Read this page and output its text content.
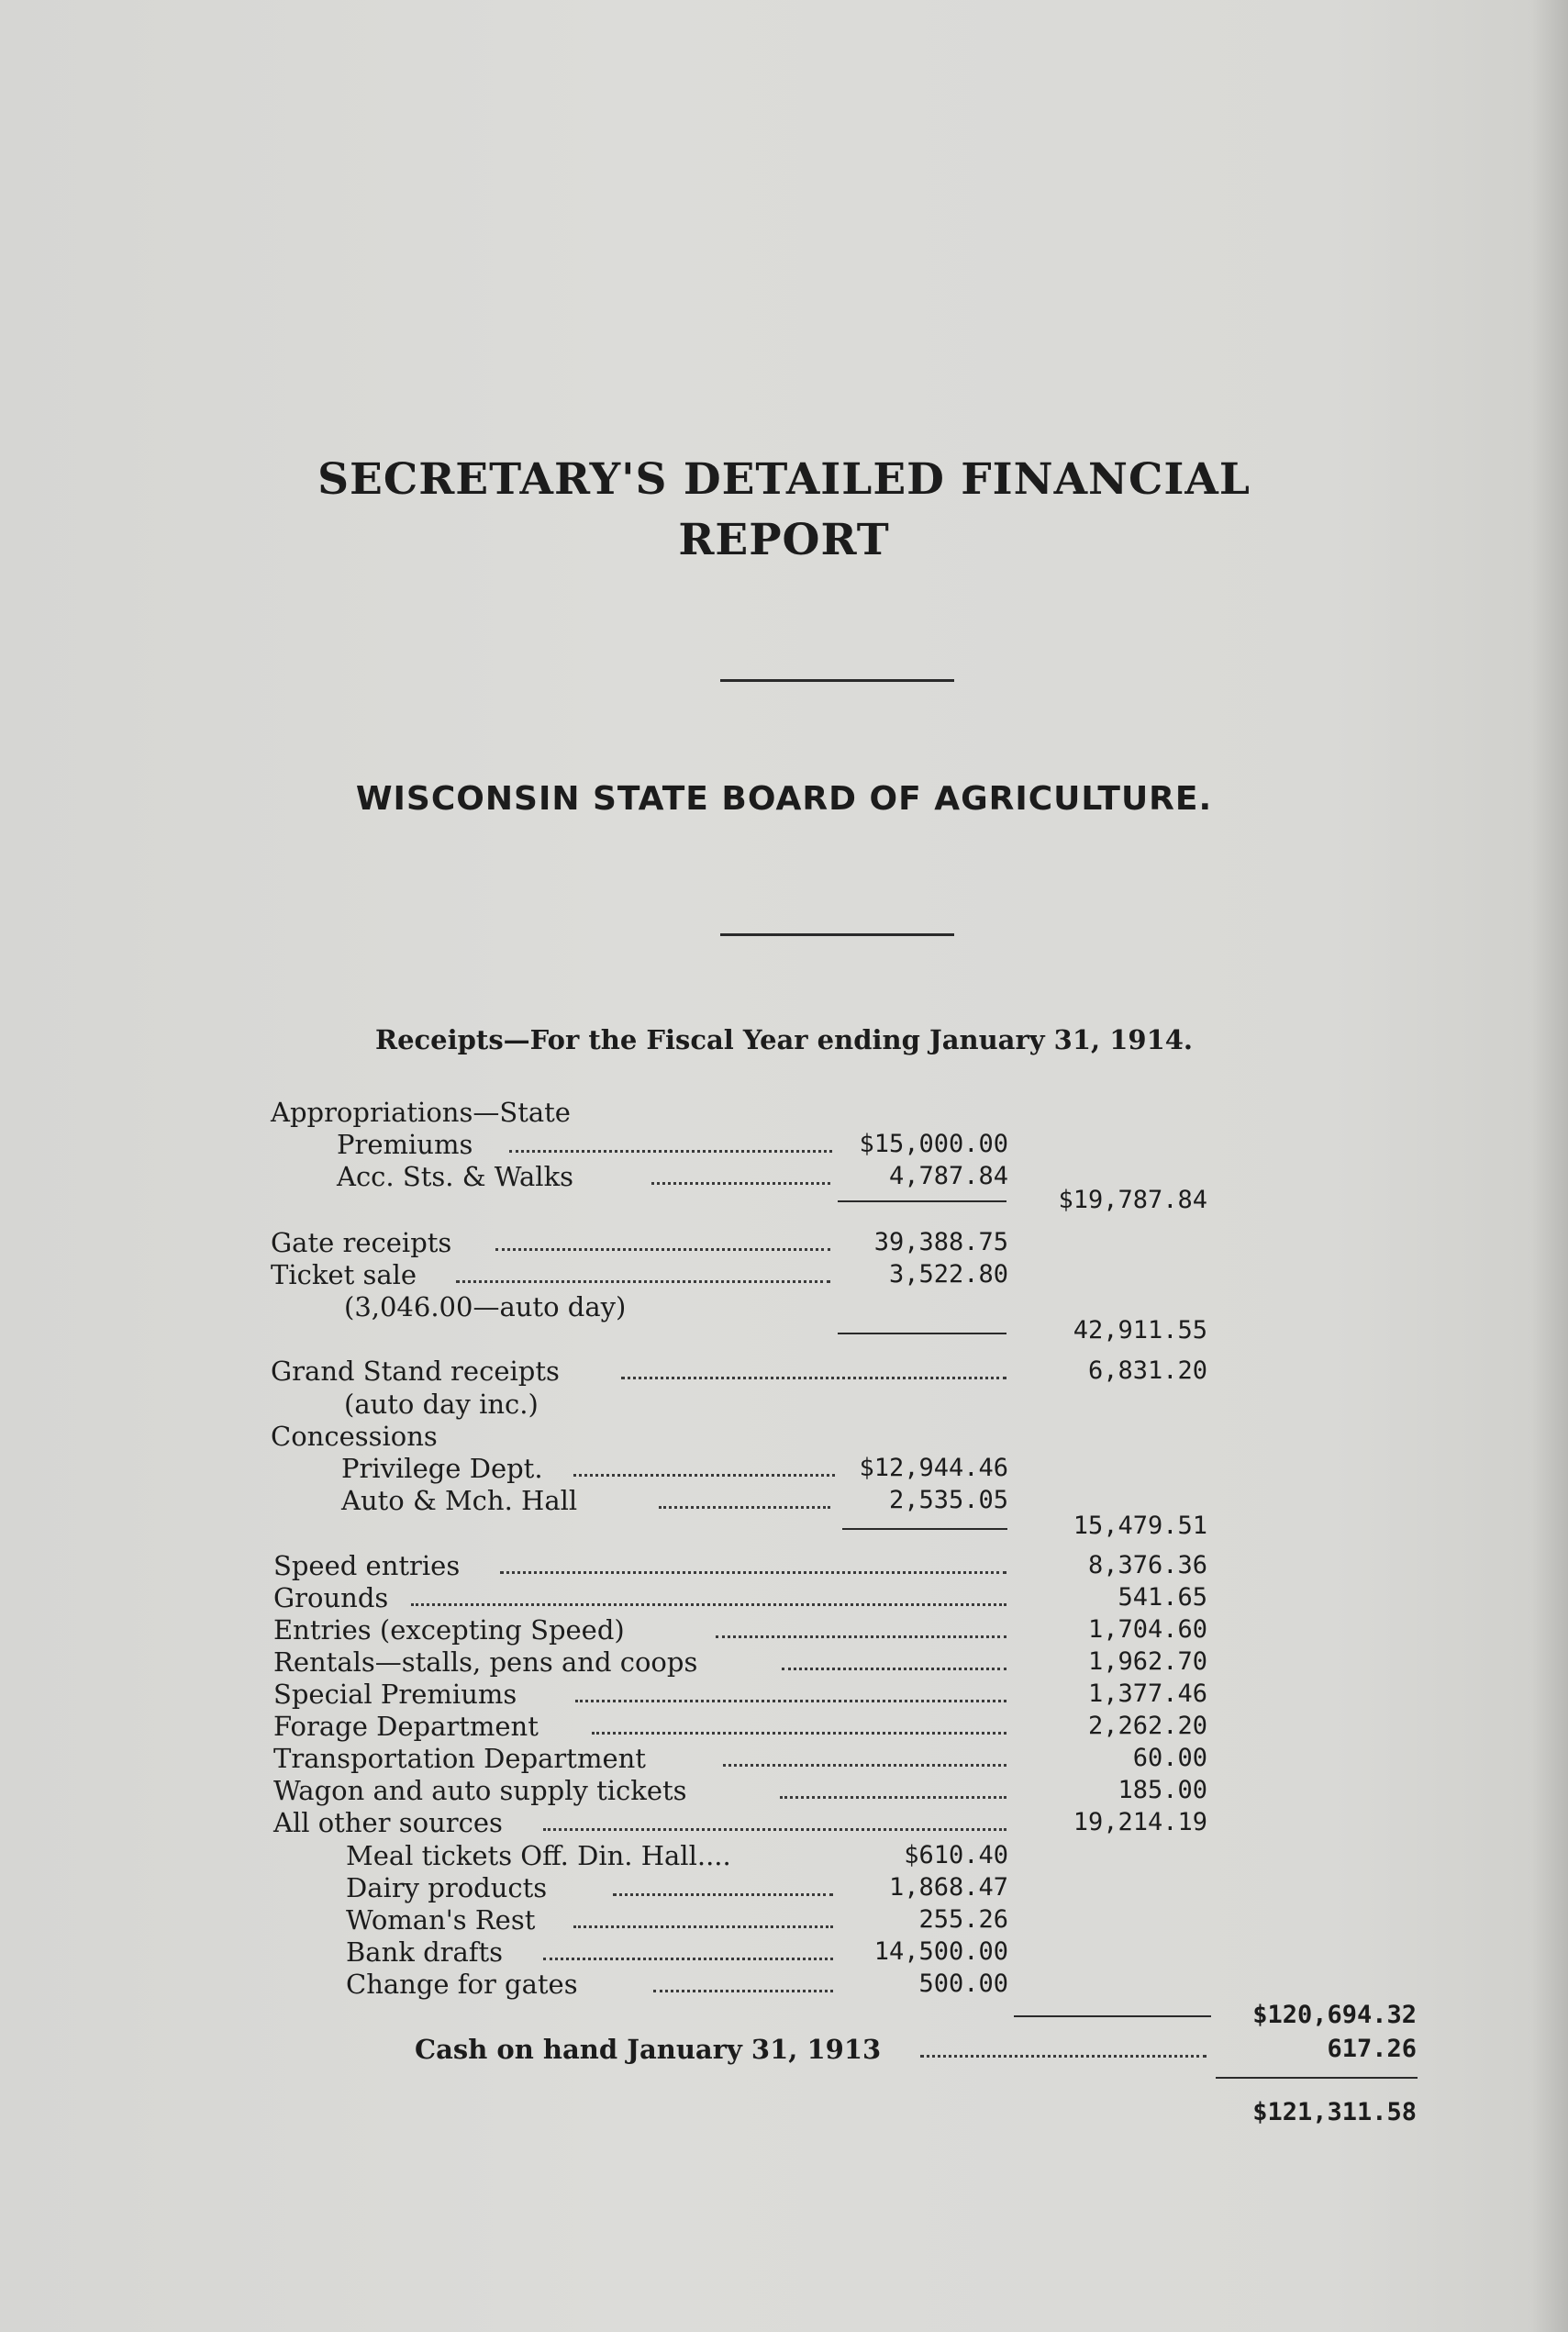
SECRETARY'S DETAILED FINANCIAL
REPORT
WISCONSIN STATE BOARD OF AGRICULTURE.
Receipts—For the Fiscal Year ending January 31, 1914.
Appropriations—State
Premiums	$15,000.00
Acc. Sts. & Walks	4,787.84
$19,787.84
Gate receipts	39,388.75
Ticket sale	3,522.80
(3,046.00—auto day)
42,911.55
Grand Stand receipts	6,831.20
(auto day inc.)
Concessions
Privilege Dept.	$12,944.46
Auto & Mch. Hall	2,535.05
15,479.51
Speed entries	8,376.36
Grounds	541.65
Entries (excepting Speed)	1,704.60
Rentals—stalls, pens and coops	1,962.70
Special Premiums	1,377.46
Forage Department	2,262.20
Transportation Department	60.00
Wagon and auto supply tickets	185.00
All other sources	19,214.19
Meal tickets Off. Din. Hall....	$610.40
Dairy products	1,868.47
Woman's Rest	255.26
Bank drafts	14,500.00
Change for gates	500.00
$120,694.32
Cash on hand January 31, 1913	617.26
$121,311.58
